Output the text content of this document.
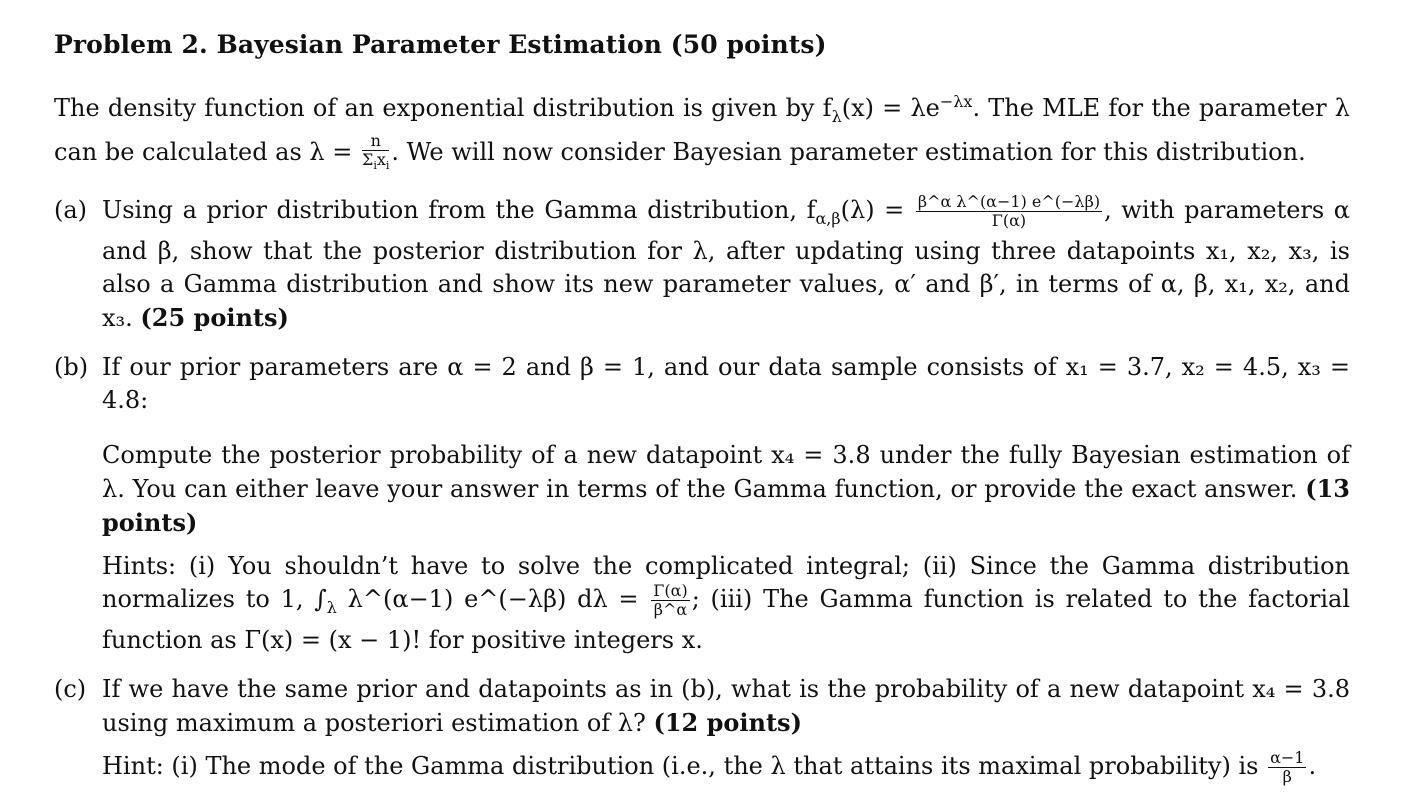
Problem 2. Bayesian Parameter Estimation (50 points)
The density function of an exponential distribution is given by $f_\lambda(x) = \lambda e^{-\lambda x}$. The MLE for the parameter λ can be calculated as $\lambda = \frac{n}{\Sigma_ix_i}$ . We will now consider Bayesian parameter estimation for this distribution.
(a) Using a prior distribution from the Gamma distribution, $f_{\alpha,\beta}(\lambda) = \frac{\text{β\textasciicircum{}α λ\textasciicircum{}(α−1) e\textasciicircum{}(−λβ)}}{\Gamma(\alpha)}$ , with parameters α and β, show that the posterior distribution for λ, after updating using three datapoints x₁, x₂, x₃, is also a Gamma distribution and show its new parameter values, α′ and β′, in terms of α, β, x₁, x₂, and x₃. (25 points)
(b) If our prior parameters are α = 2 and β = 1, and our data sample consists of x₁ = 3.7, x₂ = 4.5, x₃ = 4.8:
Compute the posterior probability of a new datapoint x₄ = 3.8 under the fully Bayesian estimation of λ. You can either leave your answer in terms of the Gamma function, or provide the exact answer. (13 points)
Hints: (i) You shouldn’t have to solve the complicated integral; (ii) Since the Gamma distribution normalizes to 1, $\int_\lambda$ λ^(α−1) e^(−λβ) $d\lambda = \frac{\Gamma(\alpha)}{\beta\^{}\alpha}$ ; (iii) The Gamma function is related to the factorial function as Γ(x) = (x − 1)! for positive integers x.
(c) If we have the same prior and datapoints as in (b), what is the probability of a new datapoint x₄ = 3.8 using maximum a posteriori estimation of λ? (12 points)
Hint: (i) The mode of the Gamma distribution (i.e., the λ that attains its maximal probability) is $\frac{\alpha-1}{\beta}$ .
